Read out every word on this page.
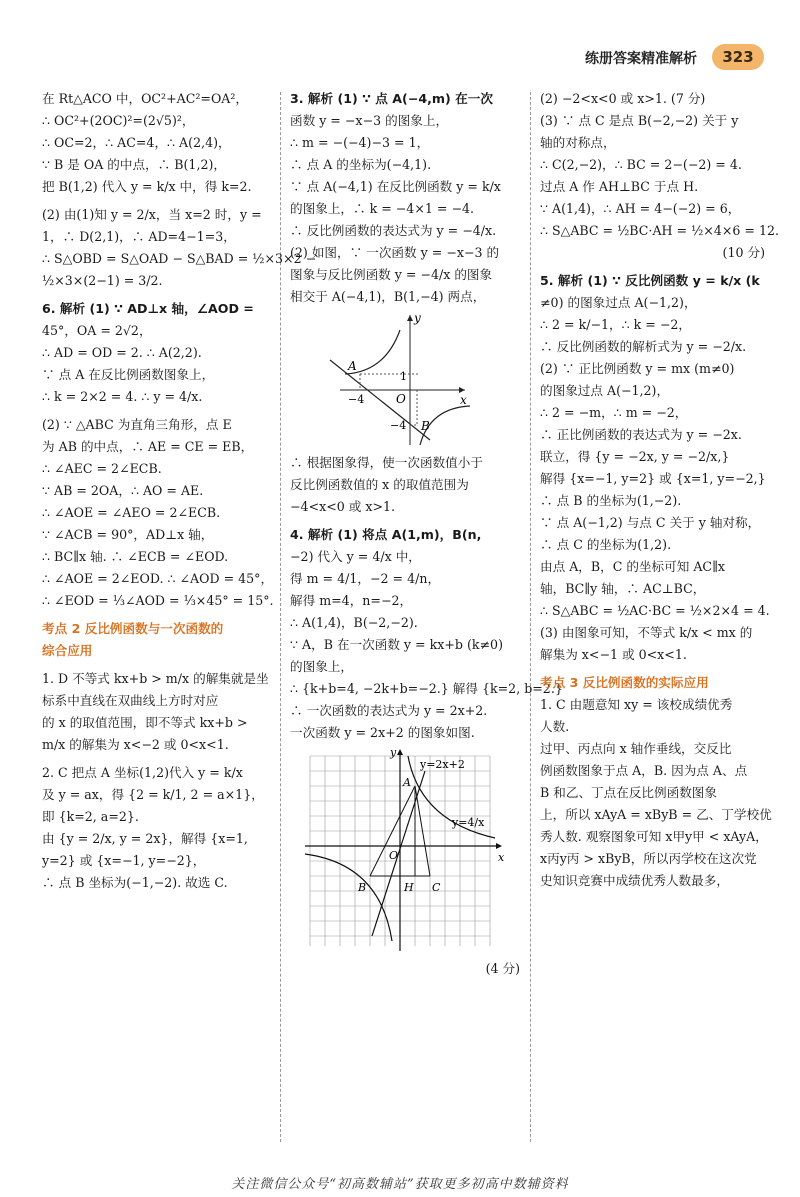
练册答案精准解析	323
在 Rt△ACO 中，OC²+AC²=OA²，
∴ OC²+(2OC)²=(2√5)²，
∴ OC=2，∴ AC=4，∴ A(2,4)，
∵ B 是 OA 的中点，∴ B(1,2)，
把 B(1,2) 代入 y = k/x 中，得 k=2.
(2) 由(1)知 y = 2/x，当 x=2 时，y =
1，∴ D(2,1)，∴ AD=4−1=3，
∴ S△OBD = S△OAD − S△BAD = ½×3×2 −
½×3×(2−1) = 3/2.
6. 解析 (1) ∵ AD⊥x 轴，∠AOD =
45°，OA = 2√2，
∴ AD = OD = 2. ∴ A(2,2).
∵ 点 A 在反比例函数图象上，
∴ k = 2×2 = 4. ∴ y = 4/x.
(2) ∵ △ABC 为直角三角形，点 E
为 AB 的中点，∴ AE = CE = EB，
∴ ∠AEC = 2∠ECB.
∵ AB = 2OA，∴ AO = AE.
∴ ∠AOE = ∠AEO = 2∠ECB.
∵ ∠ACB = 90°，AD⊥x 轴，
∴ BC∥x 轴. ∴ ∠ECB = ∠EOD.
∴ ∠AOE = 2∠EOD. ∴ ∠AOD = 45°，
∴ ∠EOD = ⅓∠AOD = ⅓×45° = 15°.
考点 2 反比例函数与一次函数的
综合应用
1. D 不等式 kx+b > m/x 的解集就是坐
标系中直线在双曲线上方时对应
的 x 的取值范围，即不等式 kx+b >
m/x 的解集为 x<−2 或 0<x<1.
2. C 把点 A 坐标(1,2)代入 y = k/x
及 y = ax，得 {2 = k/1, 2 = a×1}，即 {k=2, a=2}.
由 {y = 2/x, y = 2x}，解得 {x=1, y=2} 或 {x=−1, y=−2}，
∴ 点 B 坐标为(−1,−2). 故选 C.
3. 解析 (1) ∵ 点 A(−4,m) 在一次
函数 y = −x−3 的图象上，
∴ m = −(−4)−3 = 1，
∴ 点 A 的坐标为(−4,1).
∵ 点 A(−4,1) 在反比例函数 y = k/x
的图象上，∴ k = −4×1 = −4.
∴ 反比例函数的表达式为 y = −4/x.
(2) 如图，∵ 一次函数 y = −x−3 的
图象与反比例函数 y = −4/x 的图象
相交于 A(−4,1)，B(1,−4) 两点，
A
B
O	x
y
−4
1
−4
∴ 根据图象得，使一次函数值小于
反比例函数值的 x 的取值范围为
−4<x<0 或 x>1.
4. 解析 (1) 将点 A(1,m)，B(n,
−2) 代入 y = 4/x 中，
得 m = 4/1，−2 = 4/n，
解得 m=4，n=−2，
∴ A(1,4)，B(−2,−2).
∵ A，B 在一次函数 y = kx+b (k≠0)
的图象上，
∴ {k+b=4, −2k+b=−2.} 解得 {k=2, b=2.}
∴ 一次函数的表达式为 y = 2x+2.
一次函数 y = 2x+2 的图象如图.
y=2x+2
y=4/x
A
B	C
H
O	x
y
(4 分)
(2) −2<x<0 或 x>1. (7 分)
(3) ∵ 点 C 是点 B(−2,−2) 关于 y
轴的对称点，
∴ C(2,−2)，∴ BC = 2−(−2) = 4.
过点 A 作 AH⊥BC 于点 H.
∵ A(1,4)，∴ AH = 4−(−2) = 6，
∴ S△ABC = ½BC·AH = ½×4×6 = 12.
(10 分)
5. 解析 (1) ∵ 反比例函数 y = k/x (k
≠0) 的图象过点 A(−1,2)，
∴ 2 = k/−1，∴ k = −2，
∴ 反比例函数的解析式为 y = −2/x.
(2) ∵ 正比例函数 y = mx (m≠0)
的图象过点 A(−1,2)，
∴ 2 = −m，∴ m = −2，
∴ 正比例函数的表达式为 y = −2x.
联立，得 {y = −2x, y = −2/x,}
解得 {x=−1, y=2} 或 {x=1, y=−2,}
∴ 点 B 的坐标为(1,−2).
∵ 点 A(−1,2) 与点 C 关于 y 轴对称，
∴ 点 C 的坐标为(1,2).
由点 A，B，C 的坐标可知 AC∥x
轴，BC∥y 轴，∴ AC⊥BC，
∴ S△ABC = ½AC·BC = ½×2×4 = 4.
(3) 由图象可知，不等式 k/x < mx 的
解集为 x<−1 或 0<x<1.
考点 3 反比例函数的实际应用
1. C 由题意知 xy = 该校成绩优秀
人数.
过甲、丙点向 x 轴作垂线，交反比
例函数图象于点 A，B. 因为点 A、点
B 和乙、丁点在反比例函数图象
上，所以 xAyA = xByB = 乙、丁学校优
秀人数. 观察图象可知 x甲y甲 < xAyA，
x丙y丙 > xByB，所以丙学校在这次党
史知识竞赛中成绩优秀人数最多，
关注微信公众号“初高数辅站”获取更多初高中数辅资料
